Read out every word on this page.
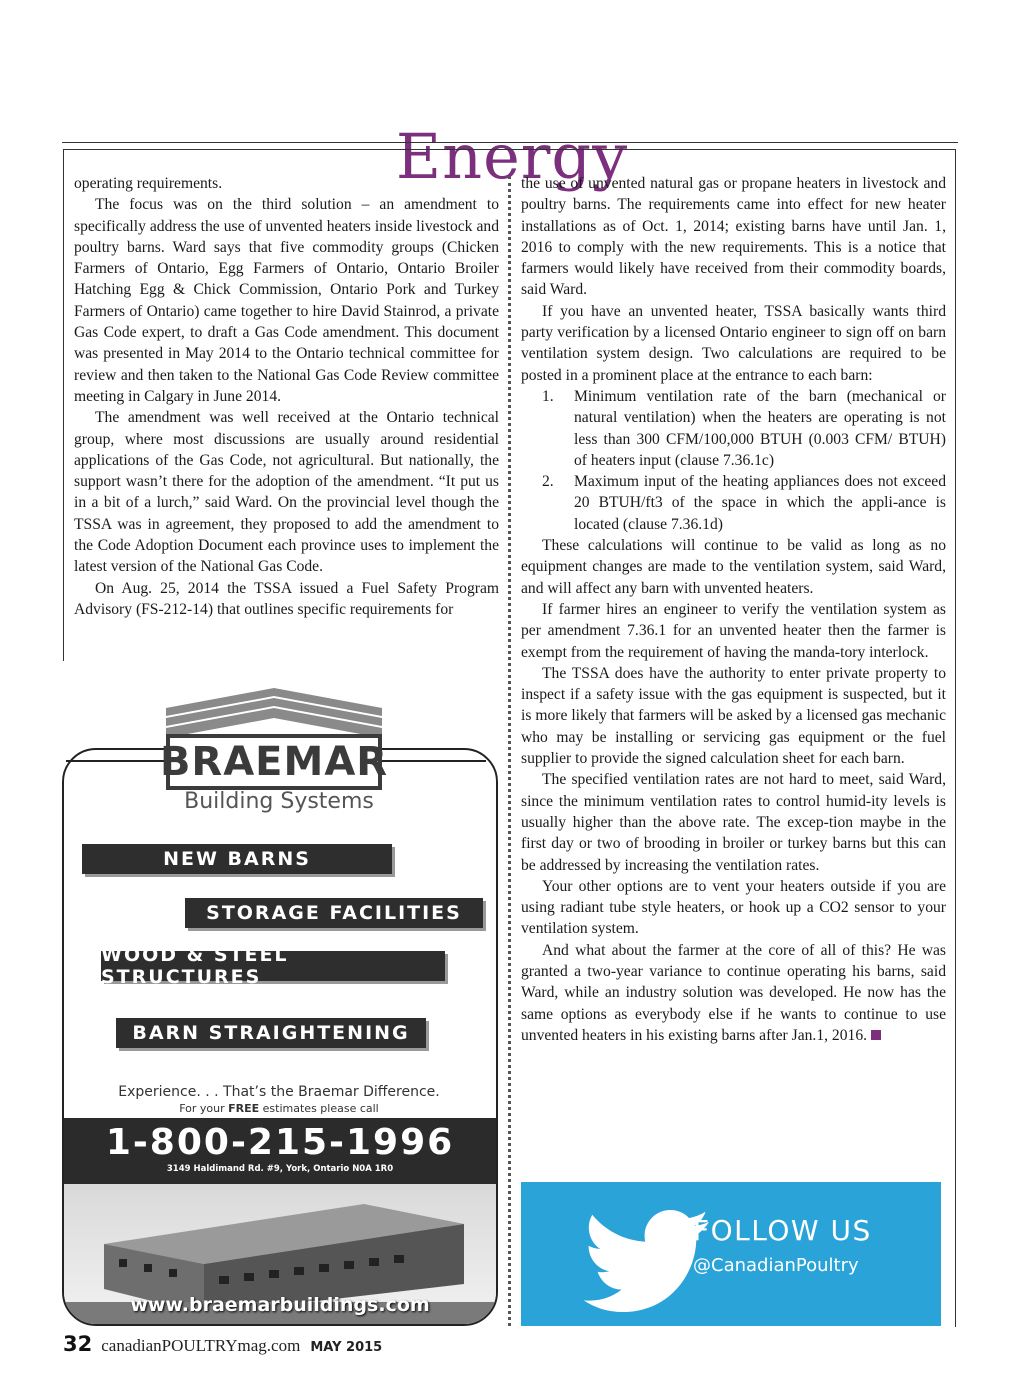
Energy

operating requirements.

The focus was on the third solution – an amendment to specifically address the use of unvented heaters inside livestock and poultry barns. Ward says that five commodity groups (Chicken Farmers of Ontario, Egg Farmers of Ontario, Ontario Broiler Hatching Egg & Chick Commission, Ontario Pork and Turkey Farmers of Ontario) came together to hire David Stainrod, a private Gas Code expert, to draft a Gas Code amendment. This document was presented in May 2014 to the Ontario technical committee for review and then taken to the National Gas Code Review committee meeting in Calgary in June 2014.

The amendment was well received at the Ontario technical group, where most discussions are usually around residential applications of the Gas Code, not agricultural. But nationally, the support wasn’t there for the adoption of the amendment. “It put us in a bit of a lurch,” said Ward. On the provincial level though the TSSA was in agreement, they proposed to add the amendment to the Code Adoption Document each province uses to implement the latest version of the National Gas Code.

On Aug. 25, 2014 the TSSA issued a Fuel Safety Program Advisory (FS-212-14) that outlines specific requirements for

the use of unvented natural gas or propane heaters in livestock and poultry barns. The requirements came into effect for new heater installations as of Oct. 1, 2014; existing barns have until Jan. 1, 2016 to comply with the new requirements. This is a notice that farmers would likely have received from their commodity boards, said Ward.

If you have an unvented heater, TSSA basically wants third party verification by a licensed Ontario engineer to sign off on barn ventilation system design. Two calculations are required to be posted in a prominent place at the entrance to each barn:

1.	Minimum ventilation rate of the barn (mechanical or natural ventilation) when the heaters are operating is not less than 300 CFM/100,000 BTUH (0.003 CFM/ BTUH) of heaters input (clause 7.36.1c)
2.	Maximum input of the heating appliances does not exceed 20 BTUH/ft3 of the space in which the appli-ance is located (clause 7.36.1d)

These calculations will continue to be valid as long as no equipment changes are made to the ventilation system, said Ward, and will affect any barn with unvented heaters.

If farmer hires an engineer to verify the ventilation system as per amendment 7.36.1 for an unvented heater then the farmer is exempt from the requirement of having the manda-tory interlock.

The TSSA does have the authority to enter private property to inspect if a safety issue with the gas equipment is suspected, but it is more likely that farmers will be asked by a licensed gas mechanic who may be installing or servicing gas equipment or the fuel supplier to provide the signed calculation sheet for each barn.

The specified ventilation rates are not hard to meet, said Ward, since the minimum ventilation rates to control humid-ity levels is usually higher than the above rate. The excep-tion maybe in the first day or two of brooding in broiler or turkey barns but this can be addressed by increasing the ventilation rates.

Your other options are to vent your heaters outside if you are using radiant tube style heaters, or hook up a CO2 sensor to your ventilation system.

And what about the farmer at the core of all of this? He was granted a two-year variance to continue operating his barns, said Ward, while an industry solution was developed. He now has the same options as everybody else if he wants to continue to use unvented heaters in his existing barns after Jan.1, 2016.

BRAEMAR
Building Systems
NEW BARNS
STORAGE FACILITIES
WOOD & STEEL STRUCTURES
BARN STRAIGHTENING
Experience. . . That’s the Braemar Difference.
For your FREE estimates please call
1-800-215-1996
3149 Haldimand Rd. #9, York, Ontario N0A 1R0
www.braemarbuildings.com
FOLLOW US
@CanadianPoultry
32 canadianPOULTRYmag.com MAY 2015
